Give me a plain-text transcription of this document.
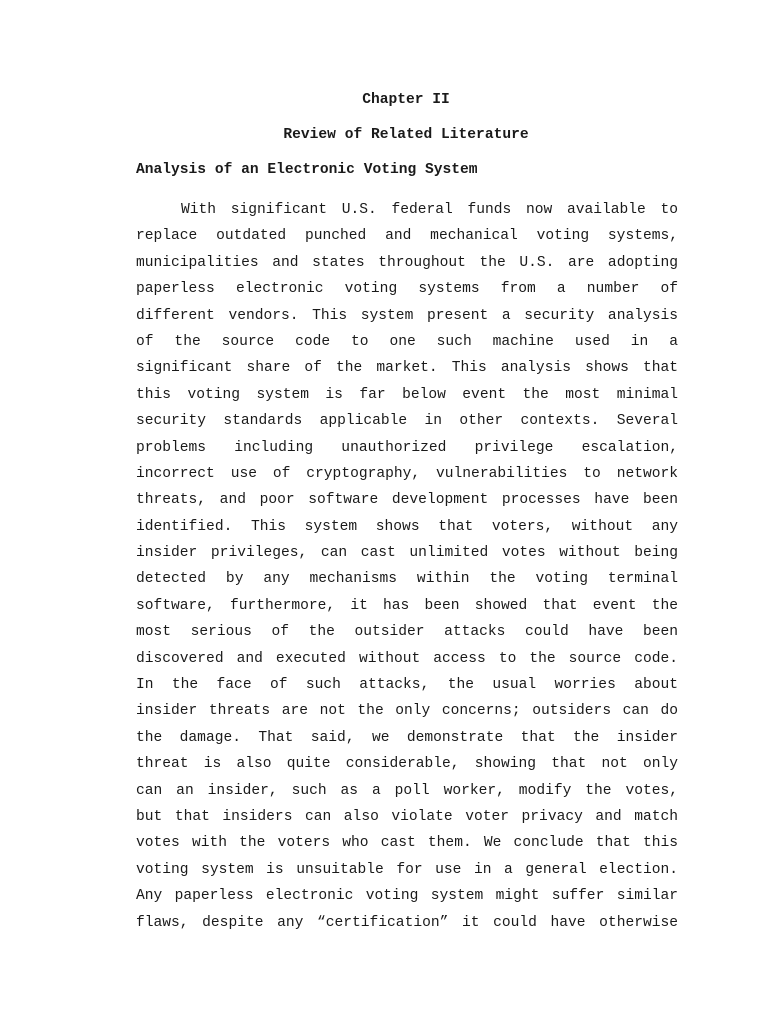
Chapter II
Review of Related Literature
Analysis of an Electronic Voting System
With significant U.S. federal funds now available to
replace outdated punched and mechanical voting systems,
municipalities and states throughout the U.S. are adopting
paperless electronic voting systems from a number of
different vendors. This system present a security analysis
of the source code to one such machine used in a
significant share of the market. This analysis shows that
this voting system is far below event the most minimal
security standards applicable in other contexts. Several
problems including unauthorized privilege escalation,
incorrect use of cryptography, vulnerabilities to network
threats, and poor software development processes have been
identified. This system shows that voters, without any
insider privileges, can cast unlimited votes without being
detected by any mechanisms within the voting terminal
software, furthermore, it has been showed that event the
most serious of the outsider attacks could have been
discovered and executed without access to the source code.
In the face of such attacks, the usual worries about
insider threats are not the only concerns; outsiders can do
the damage. That said, we demonstrate that the insider
threat is also quite considerable, showing that not only
can an insider, such as a poll worker, modify the votes,
but that insiders can also violate voter privacy and match
votes with the voters who cast them. We conclude that this
voting system is unsuitable for use in a general election.
Any paperless electronic voting system might suffer similar
flaws, despite any “certification” it could have otherwise
